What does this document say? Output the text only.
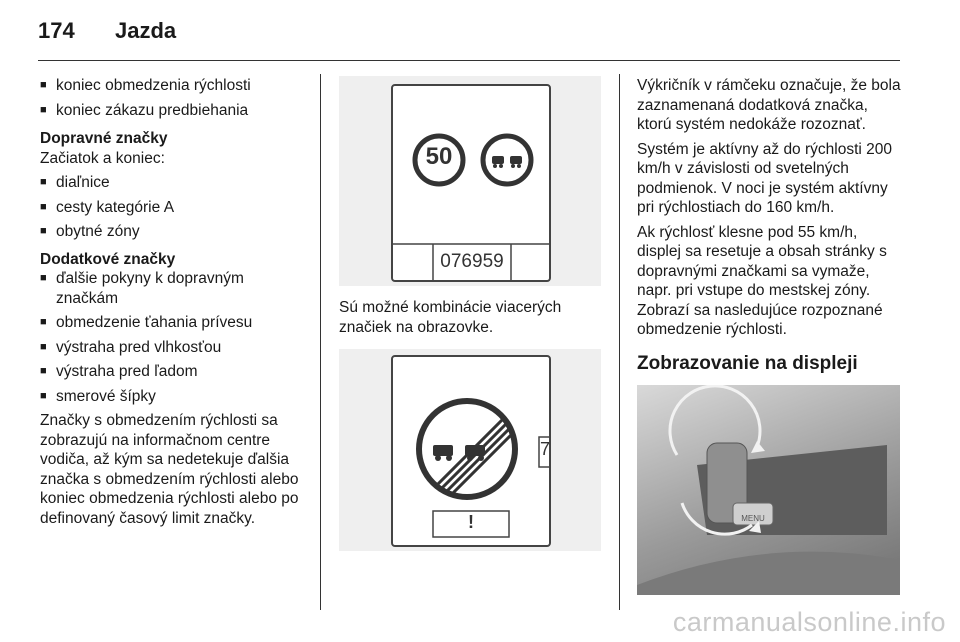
174	Jazda
■ koniec obmedzenia rýchlosti
■ koniec zákazu predbiehania
Dopravné značky

Začiatok a koniec:

■ diaľnice
■ cesty kategórie A
■ obytné zóny
Dodatkové značky
■ ďalšie pokyny k dopravným značkám
■ obmedzenie ťahania prívesu
■ výstraha pred vlhkosťou
■ výstraha pred ľadom
■ smerové šípky

Značky s obmedzením rýchlosti sa zobrazujú na informačnom centre vodiča, až kým sa nedetekuje ďalšia značka s obmedzením rýchlosti alebo koniec obmedzenia rýchlosti alebo po definovaný časový limit značky.

50
076959

Sú možné kombinácie viacerých značiek na obrazovke.

7
!

Výkričník v rámčeku označuje, že bola zaznamenaná dodatková značka, ktorú systém nedokáže rozoznať.

Systém je aktívny až do rýchlosti 200 km/h v závislosti od svetelných podmienok. V noci je systém aktívny pri rýchlostiach do 160 km/h.

Ak rýchlosť klesne pod 55 km/h, displej sa resetuje a obsah stránky s dopravnými značkami sa vymaže, napr. pri vstupe do mestskej zóny. Zobrazí sa nasledujúce rozpoznané obmedzenie rýchlosti.

Zobrazovanie na displeji
MENU
carmanualsonline.info
